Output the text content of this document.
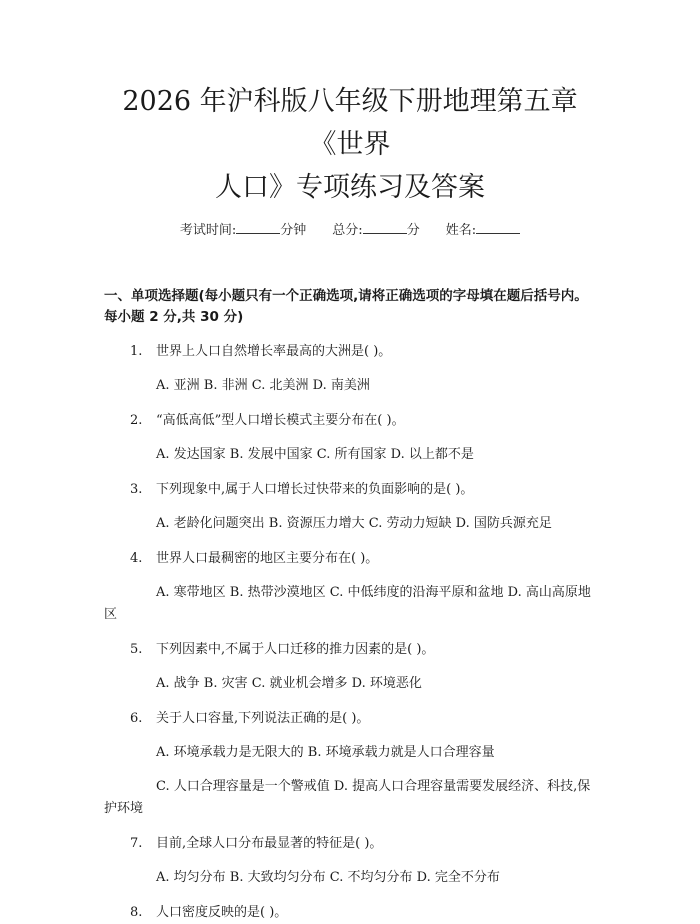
2026 年沪科版八年级下册地理第五章《世界
人口》专项练习及答案
考试时间:	分钟 总分:	分 姓名:
一、单项选择题(每小题只有一个正确选项,请将正确选项的字母填在题后括号内。每小题 2 分,共 30 分)
1.	世界上人口自然增长率最高的大洲是( )。
A. 亚洲 B. 非洲 C. 北美洲 D. 南美洲
2.	“高低高低”型人口增长模式主要分布在( )。
A. 发达国家 B. 发展中国家 C. 所有国家 D. 以上都不是
3.	下列现象中,属于人口增长过快带来的负面影响的是( )。
A. 老龄化问题突出 B. 资源压力增大 C. 劳动力短缺 D. 国防兵源充足
4.	世界人口最稠密的地区主要分布在( )。
A. 寒带地区 B. 热带沙漠地区 C. 中低纬度的沿海平原和盆地 D. 高山高原地区
5.	下列因素中,不属于人口迁移的推力因素的是( )。
A. 战争 B. 灾害 C. 就业机会增多 D. 环境恶化
6.	关于人口容量,下列说法正确的是( )。
A. 环境承载力是无限大的 B. 环境承载力就是人口合理容量
C. 人口合理容量是一个警戒值 D. 提高人口合理容量需要发展经济、科技,保护环境
7.	目前,全球人口分布最显著的特征是( )。
A. 均匀分布 B. 大致均匀分布 C. 不均匀分布 D. 完全不分布
8.	人口密度反映的是( )。
